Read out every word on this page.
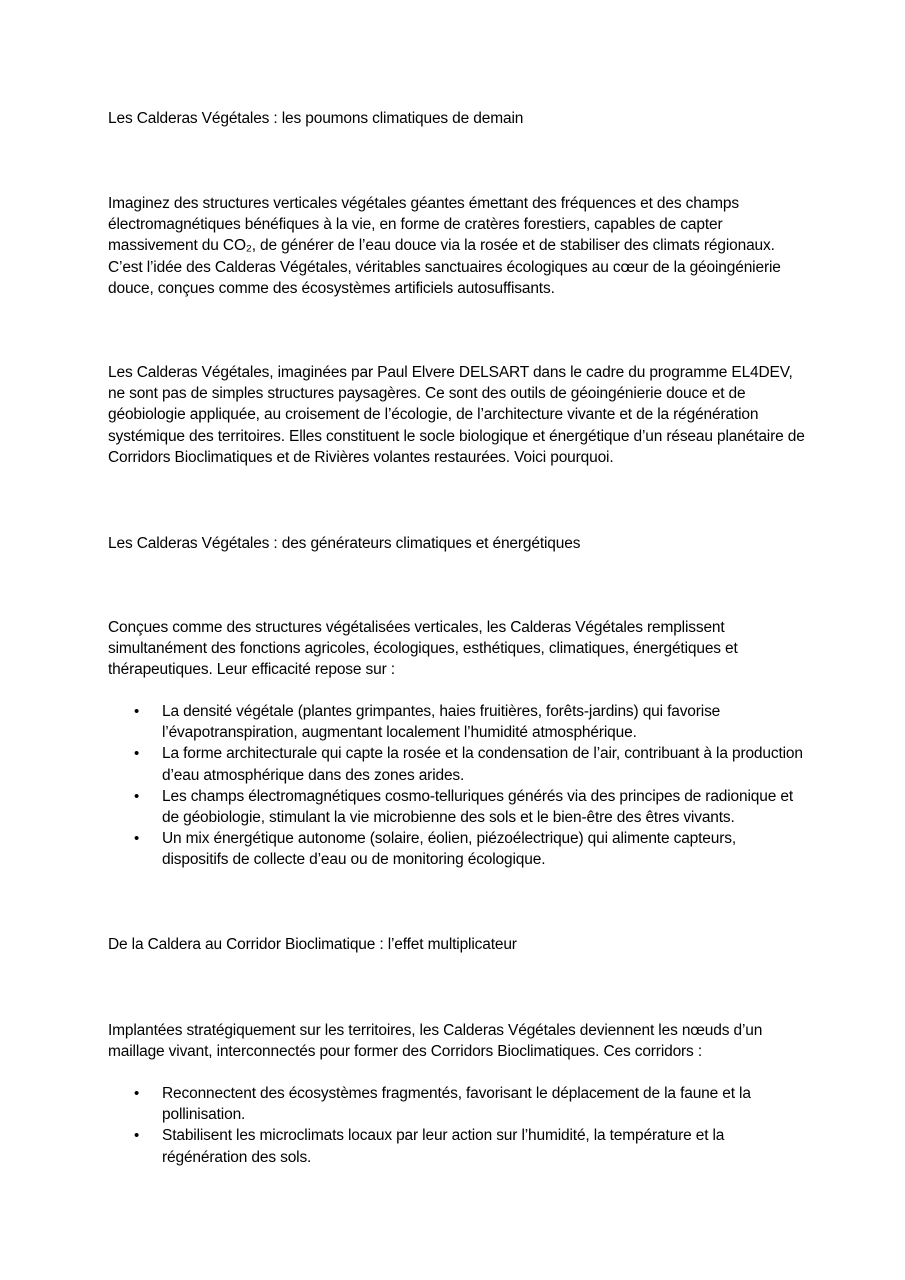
Les Calderas Végétales : les poumons climatiques de demain

Imaginez des structures verticales végétales géantes émettant des fréquences et des champs

électromagnétiques bénéfiques à la vie, en forme de cratères forestiers, capables de capter

massivement du CO₂, de générer de l’eau douce via la rosée et de stabiliser des climats régionaux.

C’est l’idée des Calderas Végétales, véritables sanctuaires écologiques au cœur de la géoingénierie

douce, conçues comme des écosystèmes artificiels autosuffisants.

Les Calderas Végétales, imaginées par Paul Elvere DELSART dans le cadre du programme EL4DEV,

ne sont pas de simples structures paysagères. Ce sont des outils de géoingénierie douce et de

géobiologie appliquée, au croisement de l’écologie, de l’architecture vivante et de la régénération

systémique des territoires. Elles constituent le socle biologique et énergétique d’un réseau planétaire de

Corridors Bioclimatiques et de Rivières volantes restaurées. Voici pourquoi.

Les Calderas Végétales : des générateurs climatiques et énergétiques

Conçues comme des structures végétalisées verticales, les Calderas Végétales remplissent

simultanément des fonctions agricoles, écologiques, esthétiques, climatiques, énergétiques et

thérapeutiques. Leur efficacité repose sur :

• La densité végétale (plantes grimpantes, haies fruitières, forêts-jardins) qui favorise
l’évapotranspiration, augmentant localement l’humidité atmosphérique.
• La forme architecturale qui capte la rosée et la condensation de l’air, contribuant à la production
d’eau atmosphérique dans des zones arides.
• Les champs électromagnétiques cosmo-telluriques générés via des principes de radionique et
de géobiologie, stimulant la vie microbienne des sols et le bien-être des êtres vivants.
• Un mix énergétique autonome (solaire, éolien, piézoélectrique) qui alimente capteurs,
dispositifs de collecte d’eau ou de monitoring écologique.

De la Caldera au Corridor Bioclimatique : l’effet multiplicateur

Implantées stratégiquement sur les territoires, les Calderas Végétales deviennent les nœuds d’un

maillage vivant, interconnectés pour former des Corridors Bioclimatiques. Ces corridors :

• Reconnectent des écosystèmes fragmentés, favorisant le déplacement de la faune et la
pollinisation.
• Stabilisent les microclimats locaux par leur action sur l’humidité, la température et la
régénération des sols.
